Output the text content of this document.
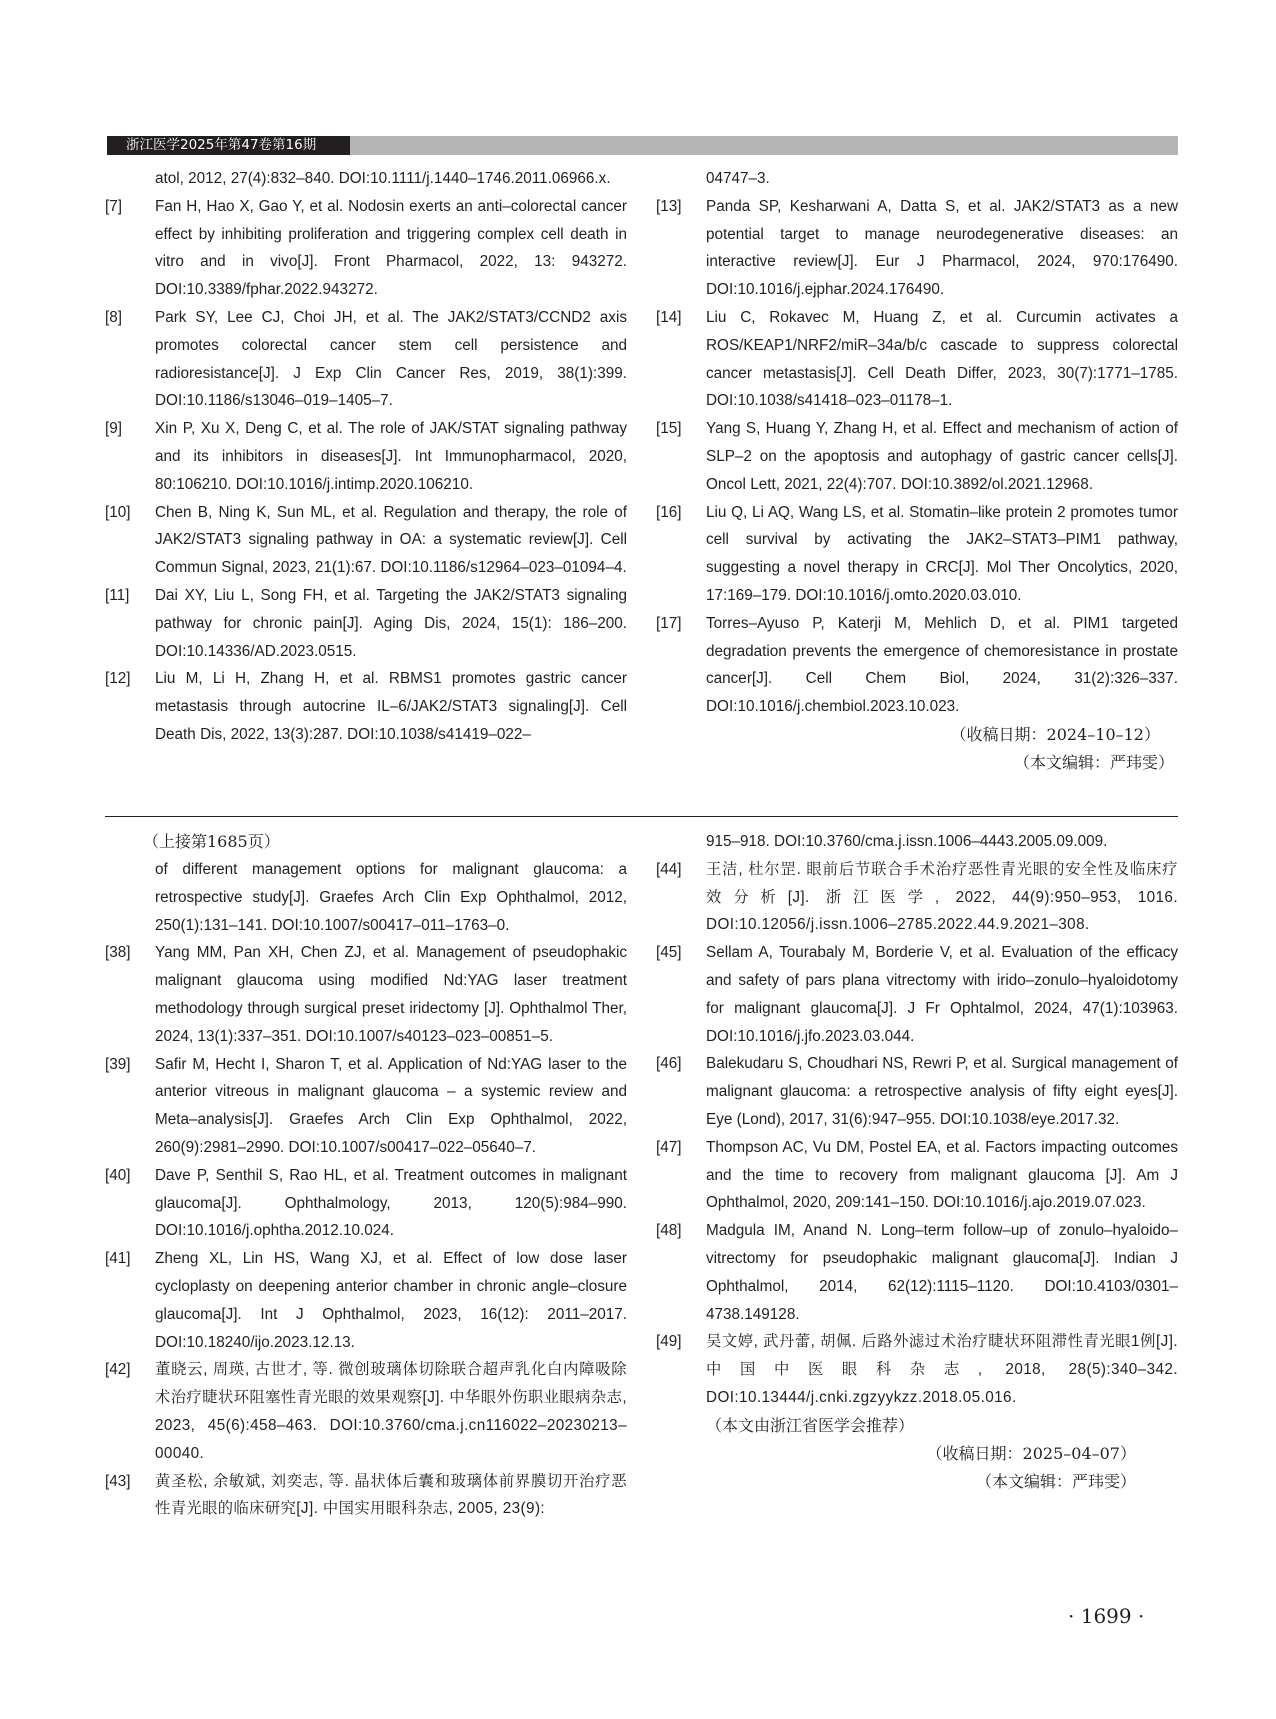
浙江医学2025年第47卷第16期
atol, 2012, 27(4):832–840. DOI:10.1111/j.1440–1746.2011.06966.x.
[7]	Fan H, Hao X, Gao Y, et al. Nodosin exerts an anti–colorectal cancer effect by inhibiting proliferation and triggering complex cell death in vitro and in vivo[J]. Front Pharmacol, 2022, 13: 943272. DOI:10.3389/fphar.2022.943272.
[8]	Park SY, Lee CJ, Choi JH, et al. The JAK2/STAT3/CCND2 axis promotes colorectal cancer stem cell persistence and radioresistance[J]. J Exp Clin Cancer Res, 2019, 38(1):399. DOI:10.1186/s13046–019–1405–7.
[9]	Xin P, Xu X, Deng C, et al. The role of JAK/STAT signaling pathway and its inhibitors in diseases[J]. Int Immunopharmacol, 2020, 80:106210. DOI:10.1016/j.intimp.2020.106210.
[10]	Chen B, Ning K, Sun ML, et al. Regulation and therapy, the role of JAK2/STAT3 signaling pathway in OA: a systematic review[J]. Cell Commun Signal, 2023, 21(1):67. DOI:10.1186/s12964–023–01094–4.
[11]	Dai XY, Liu L, Song FH, et al. Targeting the JAK2/STAT3 signaling pathway for chronic pain[J]. Aging Dis, 2024, 15(1): 186–200. DOI:10.14336/AD.2023.0515.
[12]	Liu M, Li H, Zhang H, et al. RBMS1 promotes gastric cancer metastasis through autocrine IL–6/JAK2/STAT3 signaling[J]. Cell Death Dis, 2022, 13(3):287. DOI:10.1038/s41419–022–
04747–3.
[13]	Panda SP, Kesharwani A, Datta S, et al. JAK2/STAT3 as a new potential target to manage neurodegenerative diseases: an interactive review[J]. Eur J Pharmacol, 2024, 970:176490. DOI:10.1016/j.ejphar.2024.176490.
[14]	Liu C, Rokavec M, Huang Z, et al. Curcumin activates a ROS/KEAP1/NRF2/miR–34a/b/c cascade to suppress colorectal cancer metastasis[J]. Cell Death Differ, 2023, 30(7):1771–1785. DOI:10.1038/s41418–023–01178–1.
[15]	Yang S, Huang Y, Zhang H, et al. Effect and mechanism of action of SLP–2 on the apoptosis and autophagy of gastric cancer cells[J]. Oncol Lett, 2021, 22(4):707. DOI:10.3892/ol.2021.12968.
[16]	Liu Q, Li AQ, Wang LS, et al. Stomatin–like protein 2 promotes tumor cell survival by activating the JAK2–STAT3–PIM1 pathway, suggesting a novel therapy in CRC[J]. Mol Ther Oncolytics, 2020, 17:169–179. DOI:10.1016/j.omto.2020.03.010.
[17]	Torres–Ayuso P, Katerji M, Mehlich D, et al. PIM1 targeted degradation prevents the emergence of chemoresistance in prostate cancer[J]. Cell Chem Biol, 2024, 31(2):326–337. DOI:10.1016/j.chembiol.2023.10.023.
（收稿日期：2024–10–12）
（本文编辑：严玮雯）
（上接第1685页）
of different management options for malignant glaucoma: a retrospective study[J]. Graefes Arch Clin Exp Ophthalmol, 2012, 250(1):131–141. DOI:10.1007/s00417–011–1763–0.
[38]	Yang MM, Pan XH, Chen ZJ, et al. Management of pseudophakic malignant glaucoma using modified Nd:YAG laser treatment methodology through surgical preset iridectomy [J]. Ophthalmol Ther, 2024, 13(1):337–351. DOI:10.1007/s40123–023–00851–5.
[39]	Safir M, Hecht I, Sharon T, et al. Application of Nd:YAG laser to the anterior vitreous in malignant glaucoma – a systemic review and Meta–analysis[J]. Graefes Arch Clin Exp Ophthalmol, 2022, 260(9):2981–2990. DOI:10.1007/s00417–022–05640–7.
[40]	Dave P, Senthil S, Rao HL, et al. Treatment outcomes in malignant glaucoma[J]. Ophthalmology, 2013, 120(5):984–990. DOI:10.1016/j.ophtha.2012.10.024.
[41]	Zheng XL, Lin HS, Wang XJ, et al. Effect of low dose laser cycloplasty on deepening anterior chamber in chronic angle–closure glaucoma[J]. Int J Ophthalmol, 2023, 16(12): 2011–2017. DOI:10.18240/ijo.2023.12.13.
[42]	董晓云, 周瑛, 古世才, 等. 微创玻璃体切除联合超声乳化白内障吸除术治疗睫状环阻塞性青光眼的效果观察[J]. 中华眼外伤职业眼病杂志, 2023, 45(6):458–463. DOI:10.3760/cma.j.cn116022–20230213–00040.
[43]	黄圣松, 余敏斌, 刘奕志, 等. 晶状体后囊和玻璃体前界膜切开治疗恶性青光眼的临床研究[J]. 中国实用眼科杂志, 2005, 23(9):
915–918. DOI:10.3760/cma.j.issn.1006–4443.2005.09.009.
[44]	王洁, 杜尔罡. 眼前后节联合手术治疗恶性青光眼的安全性及临床疗效分析[J]. 浙江医学, 2022, 44(9):950–953, 1016. DOI:10.12056/j.issn.1006–2785.2022.44.9.2021–308.
[45]	Sellam A, Tourabaly M, Borderie V, et al. Evaluation of the efficacy and safety of pars plana vitrectomy with irido–zonulo–hyaloidotomy for malignant glaucoma[J]. J Fr Ophtalmol, 2024, 47(1):103963. DOI:10.1016/j.jfo.2023.03.044.
[46]	Balekudaru S, Choudhari NS, Rewri P, et al. Surgical management of malignant glaucoma: a retrospective analysis of fifty eight eyes[J]. Eye (Lond), 2017, 31(6):947–955. DOI:10.1038/eye.2017.32.
[47]	Thompson AC, Vu DM, Postel EA, et al. Factors impacting outcomes and the time to recovery from malignant glaucoma [J]. Am J Ophthalmol, 2020, 209:141–150. DOI:10.1016/j.ajo.2019.07.023.
[48]	Madgula IM, Anand N. Long–term follow–up of zonulo–hyaloido–vitrectomy for pseudophakic malignant glaucoma[J]. Indian J Ophthalmol, 2014, 62(12):1115–1120. DOI:10.4103/0301–4738.149128.
[49]	吴文婷, 武丹蕾, 胡佩. 后路外滤过术治疗睫状环阻滞性青光眼1例[J]. 中国中医眼科杂志, 2018, 28(5):340–342. DOI:10.13444/j.cnki.zgzyykzz.2018.05.016.
（本文由浙江省医学会推荐）
（收稿日期：2025–04–07）
（本文编辑：严玮雯）
· 1699 ·
